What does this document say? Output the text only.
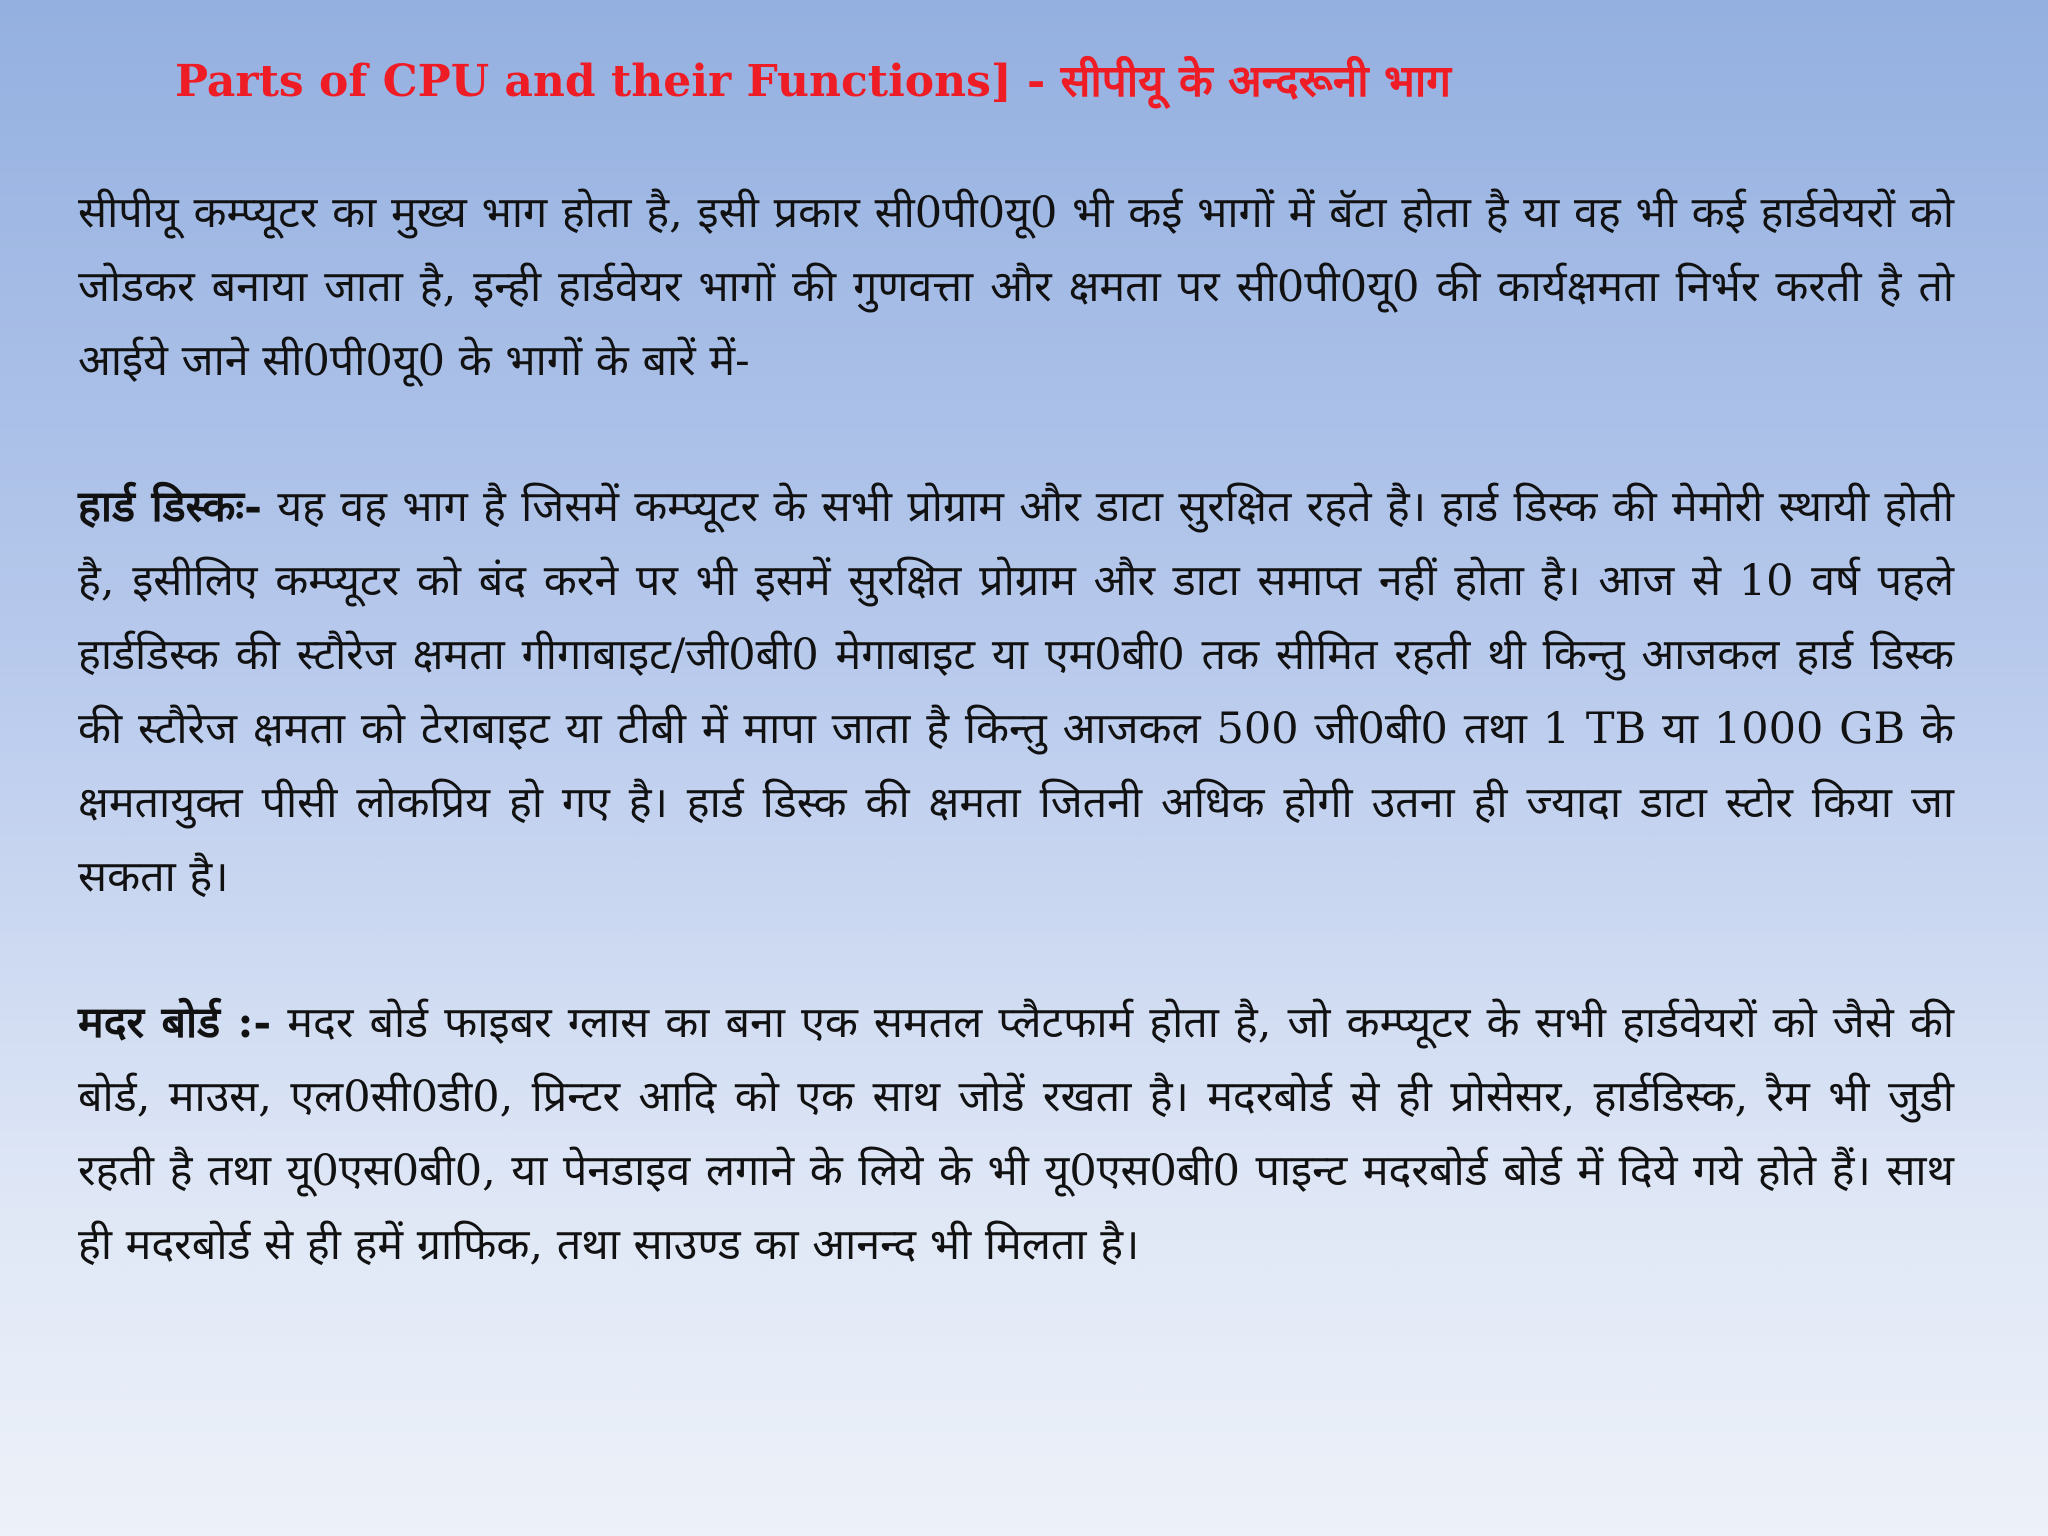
Parts of CPU and their Functions] - सीपीयू के अन्दरूनी भाग

सीपीयू कम्प्यूटर का मुख्य भाग होता है, इसी प्रकार सी0पी0यू0 भी कई भागों में बॅटा होता है या वह भी कई हार्डवेयरों को जोडकर बनाया जाता है, इन्ही हार्डवेयर भागों की गुणवत्ता और क्षमता पर सी0पी0यू0 की कार्यक्षमता निर्भर करती है तो आईये जाने सी0पी0यू0 के भागों के बारें में-

हार्ड डिस्कः- यह वह भाग है जिसमें कम्प्यूटर के सभी प्रोग्राम और डाटा सुरक्षित रहते है। हार्ड डिस्क की मेमोरी स्थायी होती है, इसीलिए कम्प्यूटर को बंद करने पर भी इसमें सुरक्षित प्रोग्राम और डाटा समाप्त नहीं होता है। आज से 10 वर्ष पहले हार्डडिस्क की स्टौरेज क्षमता गीगाबाइट/जी0बी0 मेगाबाइट या एम0बी0 तक सीमित रहती थी किन्तु आजकल हार्ड डिस्क की स्टौरेज क्षमता को टेराबाइट या टीबी में मापा जाता है किन्तु आजकल 500 जी0बी0 तथा 1 TB या 1000 GB के क्षमतायुक्त पीसी लोकप्रिय हो गए है। हार्ड डिस्क की क्षमता जितनी अधिक होगी उतना ही ज्यादा डाटा स्टोर किया जा सकता है।

मदर बोर्ड :- मदर बोर्ड फाइबर ग्लास का बना एक समतल प्लैटफार्म होता है, जो कम्प्यूटर के सभी हार्डवेयरों को जैसे की बोर्ड, माउस, एल0सी0डी0, प्रिन्टर आदि को एक साथ जोडें रखता है। मदरबोर्ड से ही प्रोसेसर, हार्डडिस्क, रैम भी जुडी रहती है तथा यू0एस0बी0, या पेनडाइव लगाने के लिये के भी यू0एस0बी0 पाइन्ट मदरबोर्ड बोर्ड में दिये गये होते हैं। साथ ही मदरबोर्ड से ही हमें ग्राफिक, तथा साउण्ड का आनन्द भी मिलता है।
